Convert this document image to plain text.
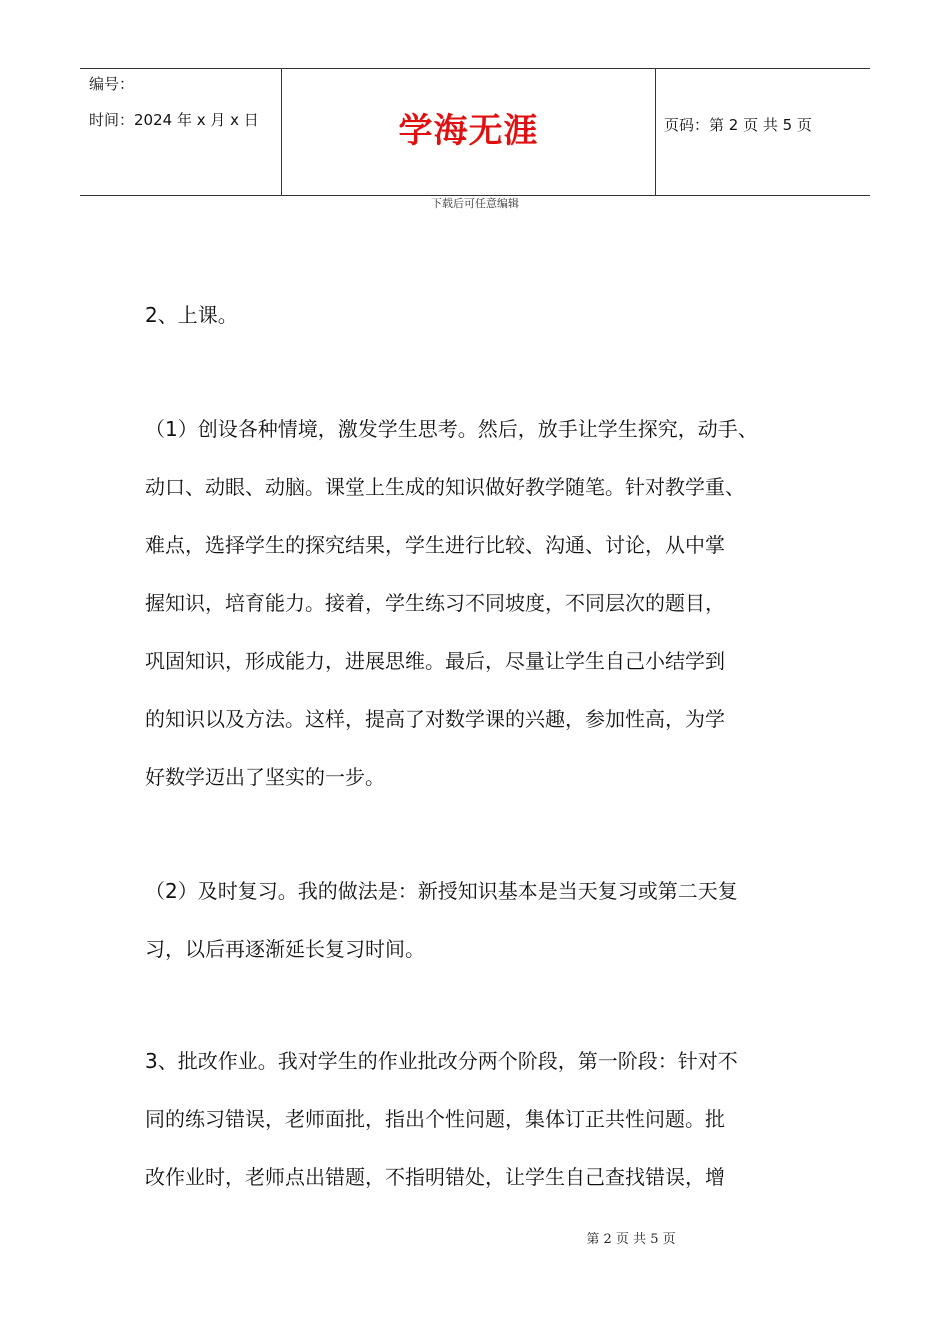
编号：
时间：2024 年 x 月 x 日	学海无涯	页码：第 2 页 共 5 页
下载后可任意编辑
2、上课。
（1）创设各种情境，激发学生思考。然后，放手让学生探究，动手、
动口、动眼、动脑。课堂上生成的知识做好教学随笔。针对教学重、
难点，选择学生的探究结果，学生进行比较、沟通、讨论，从中掌
握知识，培育能力。接着，学生练习不同坡度，不同层次的题目，
巩固知识，形成能力，进展思维。最后，尽量让学生自己小结学到
的知识以及方法。这样，提高了对数学课的兴趣，参加性高，为学
好数学迈出了坚实的一步。
（2）及时复习。我的做法是：新授知识基本是当天复习或第二天复
习，以后再逐渐延长复习时间。
3、批改作业。我对学生的作业批改分两个阶段，第一阶段：针对不
同的练习错误，老师面批，指出个性问题，集体订正共性问题。批
改作业时，老师点出错题，不指明错处，让学生自己查找错误，增
第 2 页 共 5 页
